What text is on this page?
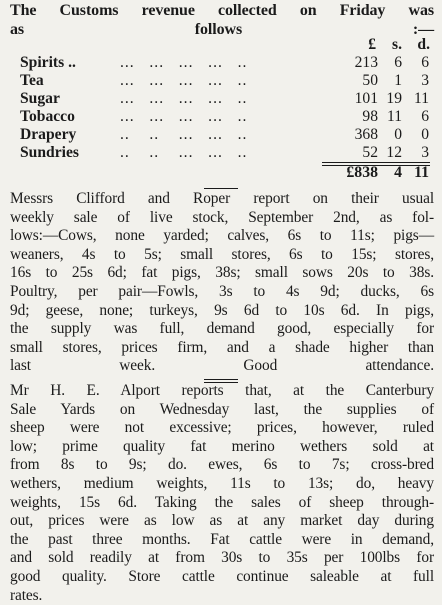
The Customs revenue collected on Friday was
as follows :—
£	s. d.
Spirits ..	...   ...   ...   ...   ..	213	6	6
Tea	...   ...   ...   ...   ..	50	1	3
Sugar	...   ...   ...   ...   ..	101 19 11
Tobacco	...   ...   ...   ...   ..	98 11	6
Drapery	..    ..    ...   ...   ..	368	0	0
Sundries	..    ..    ...   ...   ..	52 12	3
£838	4 11
Messrs Clifford and Roper report on their usual
weekly sale of live stock, September 2nd, as fol-
lows:—Cows, none yarded; calves, 6s to 11s; pigs—
weaners, 4s to 5s; small stores, 6s to 15s; stores,
16s to 25s 6d; fat pigs, 38s; small sows 20s to 38s.
Poultry, per pair—Fowls, 3s to 4s 9d; ducks, 6s
9d; geese, none; turkeys, 9s 6d to 10s 6d. In pigs,
the supply was full, demand good, especially for
small stores, prices firm, and a shade higher than
last week. Good attendance.
Mr H. E. Alport reports that, at the Canterbury
Sale Yards on Wednesday last, the supplies of
sheep were not excessive; prices, however, ruled
low; prime quality fat merino wethers sold at
from 8s to 9s; do. ewes, 6s to 7s; cross-bred
wethers, medium weights, 11s to 13s; do, heavy
weights, 15s 6d. Taking the sales of sheep through-
out, prices were as low as at any market day during
the past three months. Fat cattle were in demand,
and sold readily at from 30s to 35s per 100lbs for
good quality. Store cattle continue saleable at full
rates.
